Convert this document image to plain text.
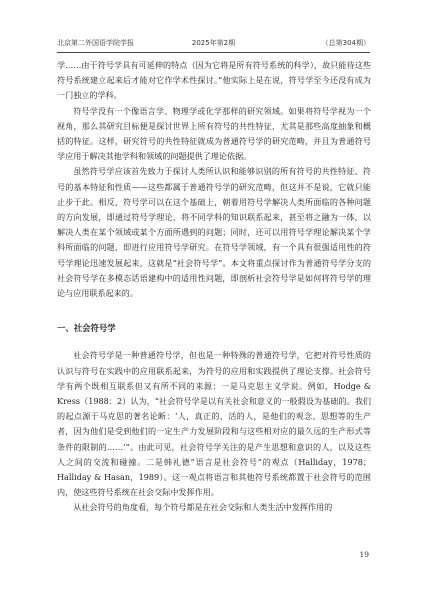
北京第二外国语学院学报	2025年第2期	（总第304期）

学……由于符号学具有可延伸的特点（因为它将是所有符号系统的科学），故只能待这些符号系统建立起来后才能对它作学术性探讨。”他实际上是在说，符号学至今还没有成为一门独立的学科。

符号学没有一个像语言学、物理学或化学那样的研究领域。如果将符号学视为一个视角，那么其研究目标便是探讨世界上所有符号的共性特征，尤其是那些高度抽象和概括的特征。这样，研究符号的共性特征就成为普通符号学的研究范畴，并且为普通符号学应用于解决其他学科和领域的问题提供了理论依据。

虽然符号学应该首先致力于探讨人类所认识和能够识别的所有符号的共性特征、符号的基本特征和性质——这些都属于普通符号学的研究范畴，但这并不是说，它就只能止步于此。相反，符号学可以在这个基础上，朝着用符号学解决人类所面临的各种问题的方向发展，即通过符号学理论，将不同学科的知识联系起来，甚至将之融为一体，以解决人类在某个领域或某个方面所遇到的问题；同时，还可以用符号学理论解决某个学科所面临的问题，即进行应用符号学研究。在符号学领域，有一个具有很强适用性的符号学理论迅速发展起来，这就是“社会符号学”。本文将重点探讨作为普通符号学分支的社会符号学在多模态话语建构中的适用性问题，即剖析社会符号学是如何将符号学的理论与应用联系起来的。

一、社会符号学

社会符号学是一种普通符号学，但也是一种特殊的普通符号学，它把对符号性质的认识与符号在实践中的应用联系起来，为符号的应用和实践提供了理论支撑。社会符号学有两个既相互联系但又有所不同的来源：一是马克思主义学说。例如，Hodge & Kress（1988：2）认为，“社会符号学是以有关社会和意义的一般假设为基础的。我们的起点源于马克思的著名论断：‘人，真正的、活的人，是他们的观念、思想等的生产者，因为他们是受到他们的一定生产力发展阶段和与这些相对应的最久远的生产形式等条件的限制的……’”。由此可见，社会符号学关注的是产生思想和意识的人，以及这些人之间的交流和碰撞。二是韩礼德“语言是社会符号”的观点（Halliday，1978；Halliday & Hasan，1989）。这一观点将语言和其他符号系统都置于社会符号的范围内，使这些符号系统在社会交际中发挥作用。

从社会符号的角度看，每个符号都是在社会交际和人类生活中发挥作用的

19
